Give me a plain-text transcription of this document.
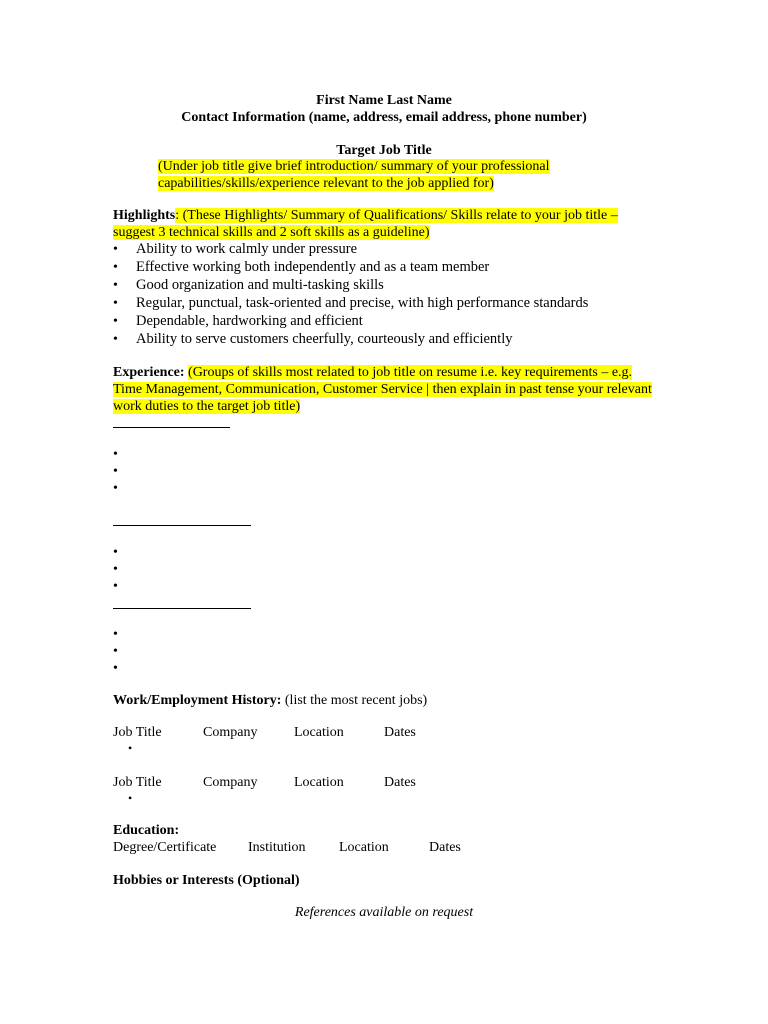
First Name Last Name
Contact Information (name, address, email address, phone number)
Target Job Title
(Under job title give brief introduction/ summary of your professional
capabilities/skills/experience relevant to the job applied for)
Highlights: (These Highlights/ Summary of Qualifications/ Skills relate to your job title –
suggest 3 technical skills and 2 soft skills as a guideline)
• Ability to work calmly under pressure
• Effective working both independently and as a team member
• Good organization and multi-tasking skills
• Regular, punctual, task-oriented and precise, with high performance standards
• Dependable, hardworking and efficient
• Ability to serve customers cheerfully, courteously and efficiently
Experience: (Groups of skills most related to job title on resume i.e. key requirements – e.g.
Time Management, Communication, Customer Service | then explain in past tense your relevant
work duties to the target job title)
•
•
•
•
•
•
•
•
•
Work/Employment History: (list the most recent jobs)
Job Title	Company	Location	Dates
•
Job Title	Company	Location	Dates
•
Education:
Degree/Certificate Institution Location	Dates
Hobbies or Interests (Optional)
References available on request
